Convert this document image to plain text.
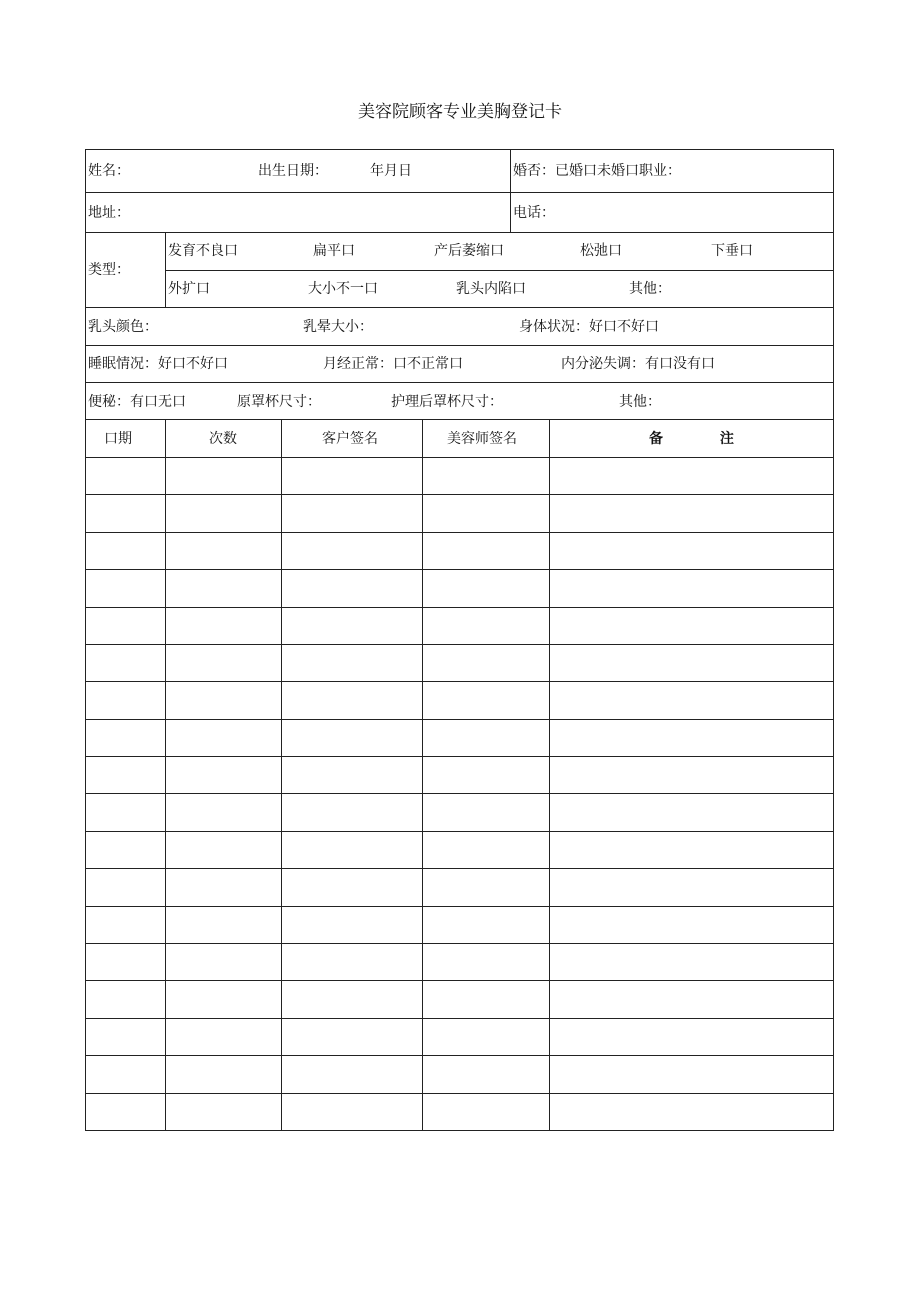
美容院顾客专业美胸登记卡
姓名：	出生日期：	年月日	婚否：已婚口未婚口职业：
地址：	电话：
类型：
发育不良口	扁平口	产后萎缩口	松弛口	下垂口
外扩口	大小不一口	乳头内陷口	其他：
乳头颜色：	乳晕大小：	身体状况：好口不好口
睡眠情况：好口不好口	月经正常：口不正常口	内分泌失调：有口没有口
便秘：有口无口	原罩杯尺寸：	护理后罩杯尺寸：	其他：
口期	次数	客户签名	美容师签名	备 注
